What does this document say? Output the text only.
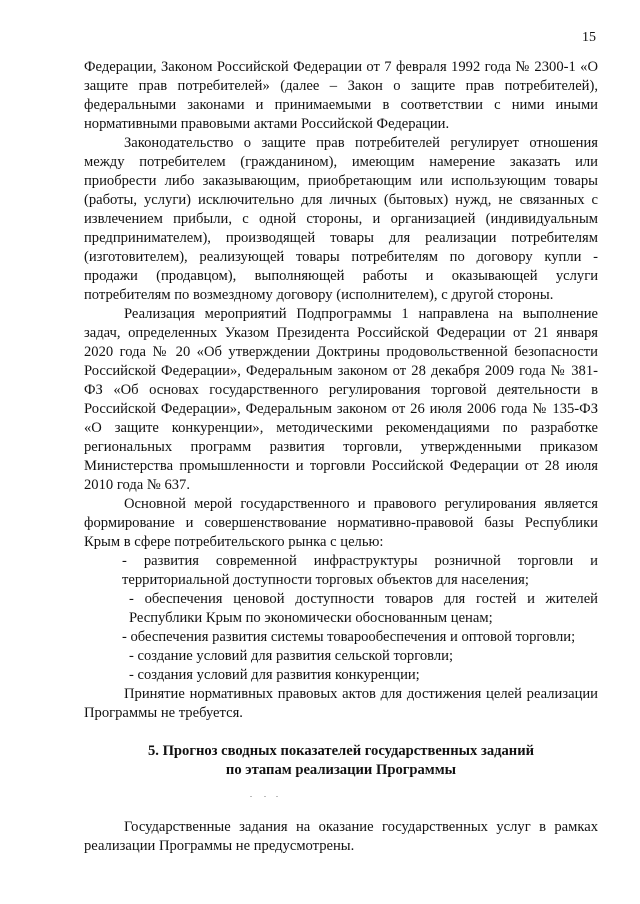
15

Федерации, Законом Российской Федерации от 7 февраля 1992 года № 2300-1 «О защите прав потребителей» (далее – Закон о защите прав потребителей), федеральными законами и принимаемыми в соответствии с ними иными нормативными правовыми актами Российской Федерации.

Законодательство о защите прав потребителей регулирует отношения между потребителем (гражданином), имеющим намерение заказать или приобрести либо заказывающим, приобретающим или использующим товары (работы, услуги) исключительно для личных (бытовых) нужд, не связанных с извлечением прибыли, с одной стороны, и организацией (индивидуальным предпринимателем), производящей товары для реализации потребителям (изготовителем), реализующей товары потребителям по договору купли - продажи (продавцом), выполняющей работы и оказывающей услуги потребителям по возмездному договору (исполнителем), с другой стороны.

Реализация мероприятий Подпрограммы 1 направлена на выполнение задач, определенных Указом Президента Российской Федерации от 21 января 2020 года № 20 «Об утверждении Доктрины продовольственной безопасности Российской Федерации», Федеральным законом от 28 декабря 2009 года № 381-ФЗ «Об основах государственного регулирования торговой деятельности в Российской Федерации», Федеральным законом от 26 июля 2006 года № 135-ФЗ «О защите конкуренции», методическими рекомендациями по разработке региональных программ развития торговли, утвержденными приказом Министерства промышленности и торговли Российской Федерации от 28 июля 2010 года № 637.

Основной мерой государственного и правового регулирования является формирование и совершенствование нормативно-правовой базы Республики Крым в сфере потребительского рынка с целью:

- развития современной инфраструктуры розничной торговли и территориальной доступности торговых объектов для населения;

- обеспечения ценовой доступности товаров для гостей и жителей Республики Крым по экономически обоснованным ценам;

- обеспечения развития системы товарообеспечения и оптовой торговли;

- создание условий для развития сельской торговли;

- создания условий для развития конкуренции;

Принятие нормативных правовых актов для достижения целей реализации Программы не требуется.

5. Прогноз сводных показателей государственных заданий
по этапам реализации Программы

Государственные задания на оказание государственных услуг в рамках реализации Программы не предусмотрены.
